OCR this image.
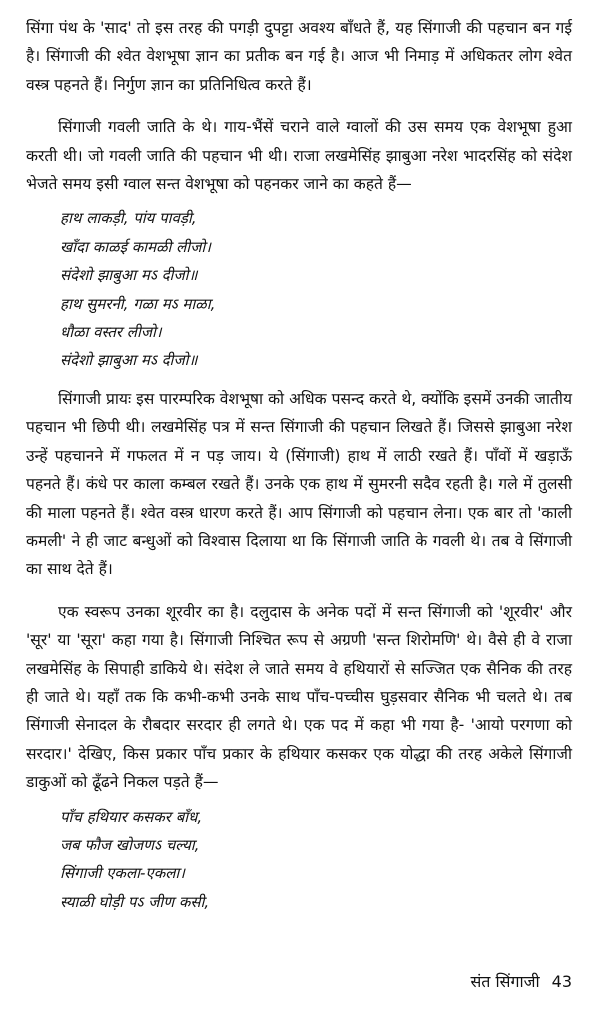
सिंगा पंथ के 'साद' तो इस तरह की पगड़ी दुपट्टा अवश्य बाँधते हैं, यह सिंगाजी की पहचान बन गई है। सिंगाजी की श्वेत वेशभूषा ज्ञान का प्रतीक बन गई है। आज भी निमाड़ में अधिकतर लोग श्वेत वस्त्र पहनते हैं। निर्गुण ज्ञान का प्रतिनिधित्व करते हैं।

सिंगाजी गवली जाति के थे। गाय-भैंसें चराने वाले ग्वालों की उस समय एक वेशभूषा हुआ करती थी। जो गवली जाति की पहचान भी थी। राजा लखमेसिंह झाबुआ नरेश भादरसिंह को संदेश भेजते समय इसी ग्वाल सन्त वेशभूषा को पहनकर जाने का कहते हैं—

हाथ लाकड़ी, पांय पावड़ी,
खाँदा काळई कामळी लीजो।
संदेशो झाबुआ मऽ दीजो॥
हाथ सुमरनी, गळा मऽ माळा,
धौळा वस्तर लीजो।
संदेशो झाबुआ मऽ दीजो॥

सिंगाजी प्रायः इस पारम्परिक वेशभूषा को अधिक पसन्द करते थे, क्योंकि इसमें उनकी जातीय पहचान भी छिपी थी। लखमेसिंह पत्र में सन्त सिंगाजी की पहचान लिखते हैं। जिससे झाबुआ नरेश उन्हें पहचानने में गफलत में न पड़ जाय। ये (सिंगाजी) हाथ में लाठी रखते हैं। पाँवों में खड़ाऊँ पहनते हैं। कंधे पर काला कम्बल रखते हैं। उनके एक हाथ में सुमरनी सदैव रहती है। गले में तुलसी की माला पहनते हैं। श्वेत वस्त्र धारण करते हैं। आप सिंगाजी को पहचान लेना। एक बार तो 'काली कमली' ने ही जाट बन्धुओं को विश्वास दिलाया था कि सिंगाजी जाति के गवली थे। तब वे सिंगाजी का साथ देते हैं।

एक स्वरूप उनका शूरवीर का है। दलुदास के अनेक पदों में सन्त सिंगाजी को 'शूरवीर' और 'सूर' या 'सूरा' कहा गया है। सिंगाजी निश्चित रूप से अग्रणी 'सन्त शिरोमणि' थे। वैसे ही वे राजा लखमेसिंह के सिपाही डाकिये थे। संदेश ले जाते समय वे हथियारों से सज्जित एक सैनिक की तरह ही जाते थे। यहाँ तक कि कभी-कभी उनके साथ पाँच-पच्चीस घुड़सवार सैनिक भी चलते थे। तब सिंगाजी सेनादल के रौबदार सरदार ही लगते थे। एक पद में कहा भी गया है- 'आयो परगणा को सरदार।' देखिए, किस प्रकार पाँच प्रकार के हथियार कसकर एक योद्धा की तरह अकेले सिंगाजी डाकुओं को ढूँढने निकल पड़ते हैं—

पाँच हथियार कसकर बाँध,
जब फौज खोजणऽ चल्या,
सिंगाजी एकला-एकला।
स्याळी घोड़ी पऽ जीण कसी,
संत सिंगाजी 43
